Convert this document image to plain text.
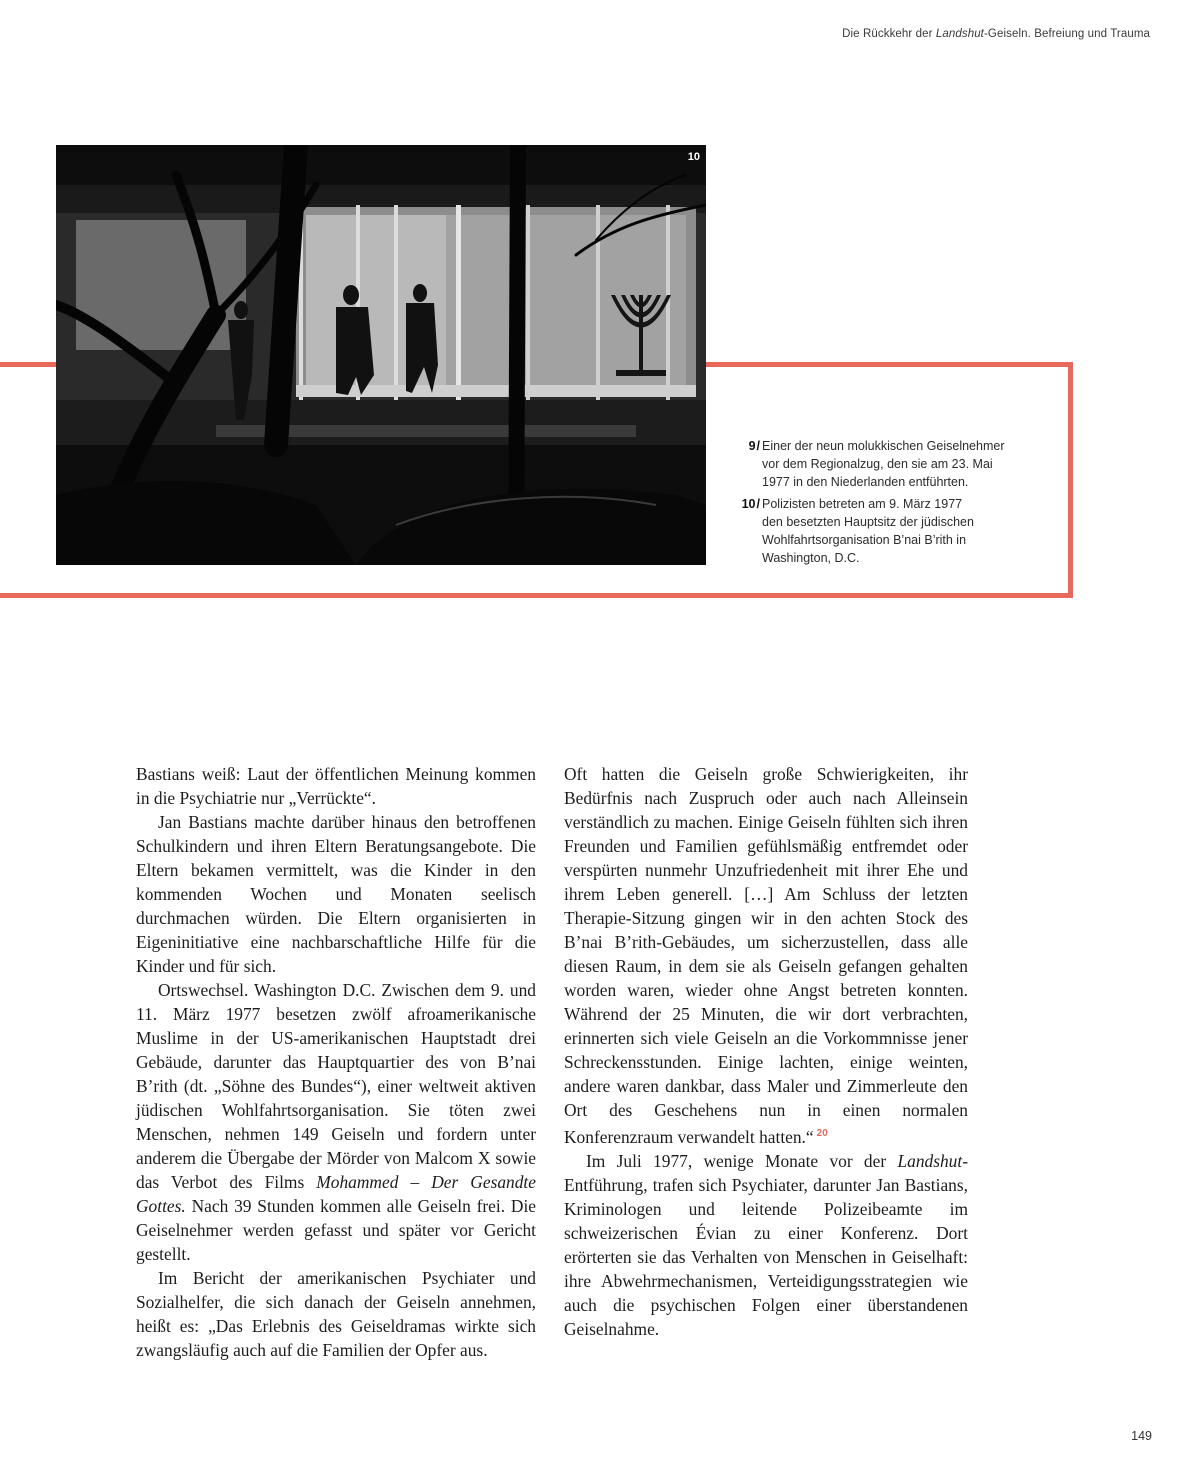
Die Rückkehr der Landshut-Geiseln. Befreiung und Trauma
10
9 / Einer der neun molukkischen Geiselnehmer
vor dem Regionalzug, den sie am 23. Mai
1977 in den Niederlanden entführten.
10 / Polizisten betreten am 9. März 1977
den besetzten Hauptsitz der jüdischen
Wohlfahrtsorganisation B’nai B’rith in
Washington, D.C.

Bastians weiß: Laut der öffentlichen Meinung kommen in die Psychiatrie nur „Verrückte“.

Jan Bastians machte darüber hinaus den betroffenen Schulkindern und ihren Eltern Beratungsangebote. Die Eltern bekamen vermittelt, was die Kinder in den kommenden Wochen und Monaten seelisch durchmachen würden. Die Eltern organisierten in Eigeninitiative eine nachbarschaftliche Hilfe für die Kinder und für sich.

Ortswechsel. Washington D.C. Zwischen dem 9. und 11. März 1977 besetzen zwölf afroamerikanische Muslime in der US-amerikanischen Hauptstadt drei Gebäude, darunter das Hauptquartier des von B’nai B’rith (dt. „Söhne des Bundes“), einer weltweit aktiven jüdischen Wohlfahrtsorganisation. Sie töten zwei Menschen, nehmen 149 Geiseln und fordern unter anderem die Übergabe der Mörder von Malcom X sowie das Verbot des Films Mohammed – Der Gesandte Gottes. Nach 39 Stunden kommen alle Geiseln frei. Die Geiselnehmer werden gefasst und später vor Gericht gestellt.

Im Bericht der amerikanischen Psychiater und Sozialhelfer, die sich danach der Geiseln annehmen, heißt es: „Das Erlebnis des Geiseldramas wirkte sich zwangsläufig auch auf die Familien der Opfer aus.

Oft hatten die Geiseln große Schwierigkeiten, ihr Bedürfnis nach Zuspruch oder auch nach Alleinsein verständlich zu machen. Einige Geiseln fühlten sich ihren Freunden und Familien gefühlsmäßig entfremdet oder verspürten nunmehr Unzufriedenheit mit ihrer Ehe und ihrem Leben generell. […] Am Schluss der letzten Therapie-Sitzung gingen wir in den achten Stock des B’nai B’rith-Gebäudes, um sicherzustellen, dass alle diesen Raum, in dem sie als Geiseln gefangen gehalten worden waren, wieder ohne Angst betreten konnten. Während der 25 Minuten, die wir dort verbrachten, erinnerten sich viele Geiseln an die Vorkommnisse jener Schreckensstunden. Einige lachten, einige weinten, andere waren dankbar, dass Maler und Zimmerleute den Ort des Geschehens nun in einen normalen Konferenzraum verwandelt hatten.“ $^{20}$

Im Juli 1977, wenige Monate vor der Landshut-Entführung, trafen sich Psychiater, darunter Jan Bastians, Kriminologen und leitende Polizeibeamte im schweizerischen Évian zu einer Konferenz. Dort erörterten sie das Verhalten von Menschen in Geiselhaft: ihre Abwehrmechanismen, Verteidigungsstrategien wie auch die psychischen Folgen einer überstandenen Geiselnahme.

149
